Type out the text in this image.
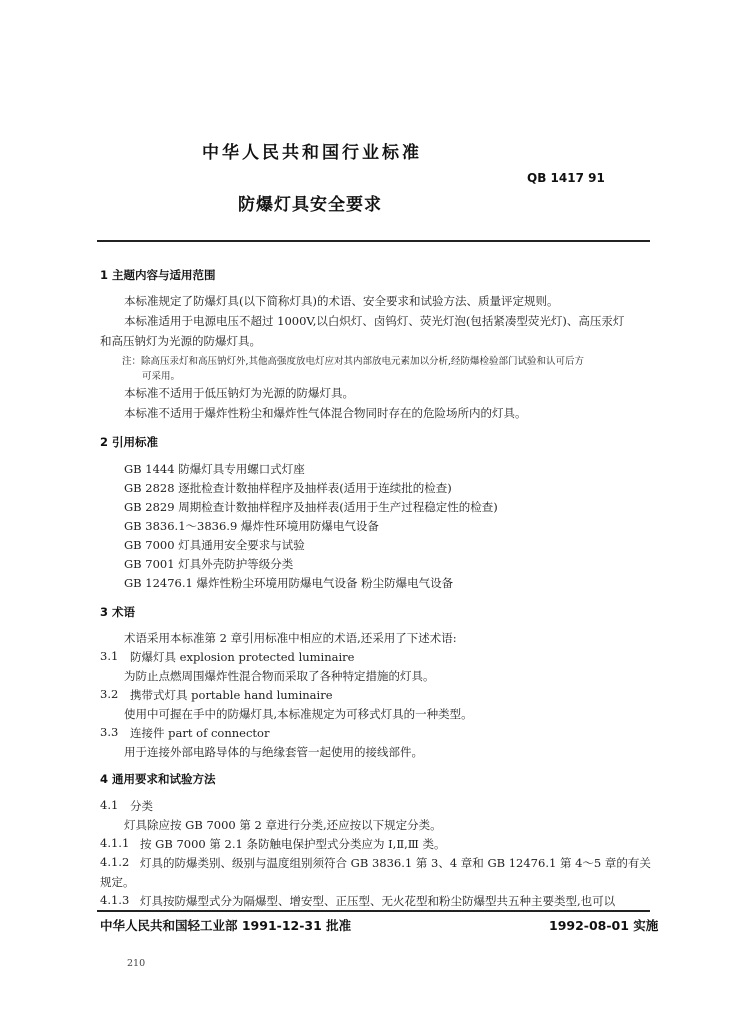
中华人民共和国行业标准
QB 1417 91
防爆灯具安全要求
1 主题内容与适用范围
本标准规定了防爆灯具(以下简称灯具)的术语、安全要求和试验方法、质量评定规则。
本标准适用于电源电压不超过 1000V,以白炽灯、卤钨灯、荧光灯泡(包括紧凑型荧光灯)、高压汞灯
和高压钠灯为光源的防爆灯具。
注：除高压汞灯和高压钠灯外,其他高强度放电灯应对其内部放电元素加以分析,经防爆检验部门试验和认可后方
可采用。
本标准不适用于低压钠灯为光源的防爆灯具。
本标准不适用于爆炸性粉尘和爆炸性气体混合物同时存在的危险场所内的灯具。
2 引用标准
GB 1444 防爆灯具专用螺口式灯座
GB 2828 逐批检查计数抽样程序及抽样表(适用于连续批的检查)
GB 2829 周期检查计数抽样程序及抽样表(适用于生产过程稳定性的检查)
GB 3836.1～3836.9 爆炸性环境用防爆电气设备
GB 7000 灯具通用安全要求与试验
GB 7001 灯具外壳防护等级分类
GB 12476.1 爆炸性粉尘环境用防爆电气设备 粉尘防爆电气设备
3 术语
术语采用本标准第 2 章引用标准中相应的术语,还采用了下述术语:
3.1 防爆灯具 explosion protected luminaire
为防止点燃周围爆炸性混合物而采取了各种特定措施的灯具。
3.2 携带式灯具 portable hand luminaire
使用中可握在手中的防爆灯具,本标准规定为可移式灯具的一种类型。
3.3 连接件 part of connector
用于连接外部电路导体的与绝缘套管一起使用的接线部件。
4 通用要求和试验方法
4.1 分类
灯具除应按 GB 7000 第 2 章进行分类,还应按以下规定分类。
4.1.1 按 GB 7000 第 2.1 条防触电保护型式分类应为 Ⅰ,Ⅱ,Ⅲ 类。
4.1.2 灯具的防爆类别、级别与温度组别须符合 GB 3836.1 第 3、4 章和 GB 12476.1 第 4～5 章的有关
规定。
4.1.3 灯具按防爆型式分为隔爆型、增安型、正压型、无火花型和粉尘防爆型共五种主要类型,也可以
中华人民共和国轻工业部 1991-12-31 批准	1992-08-01 实施
210
